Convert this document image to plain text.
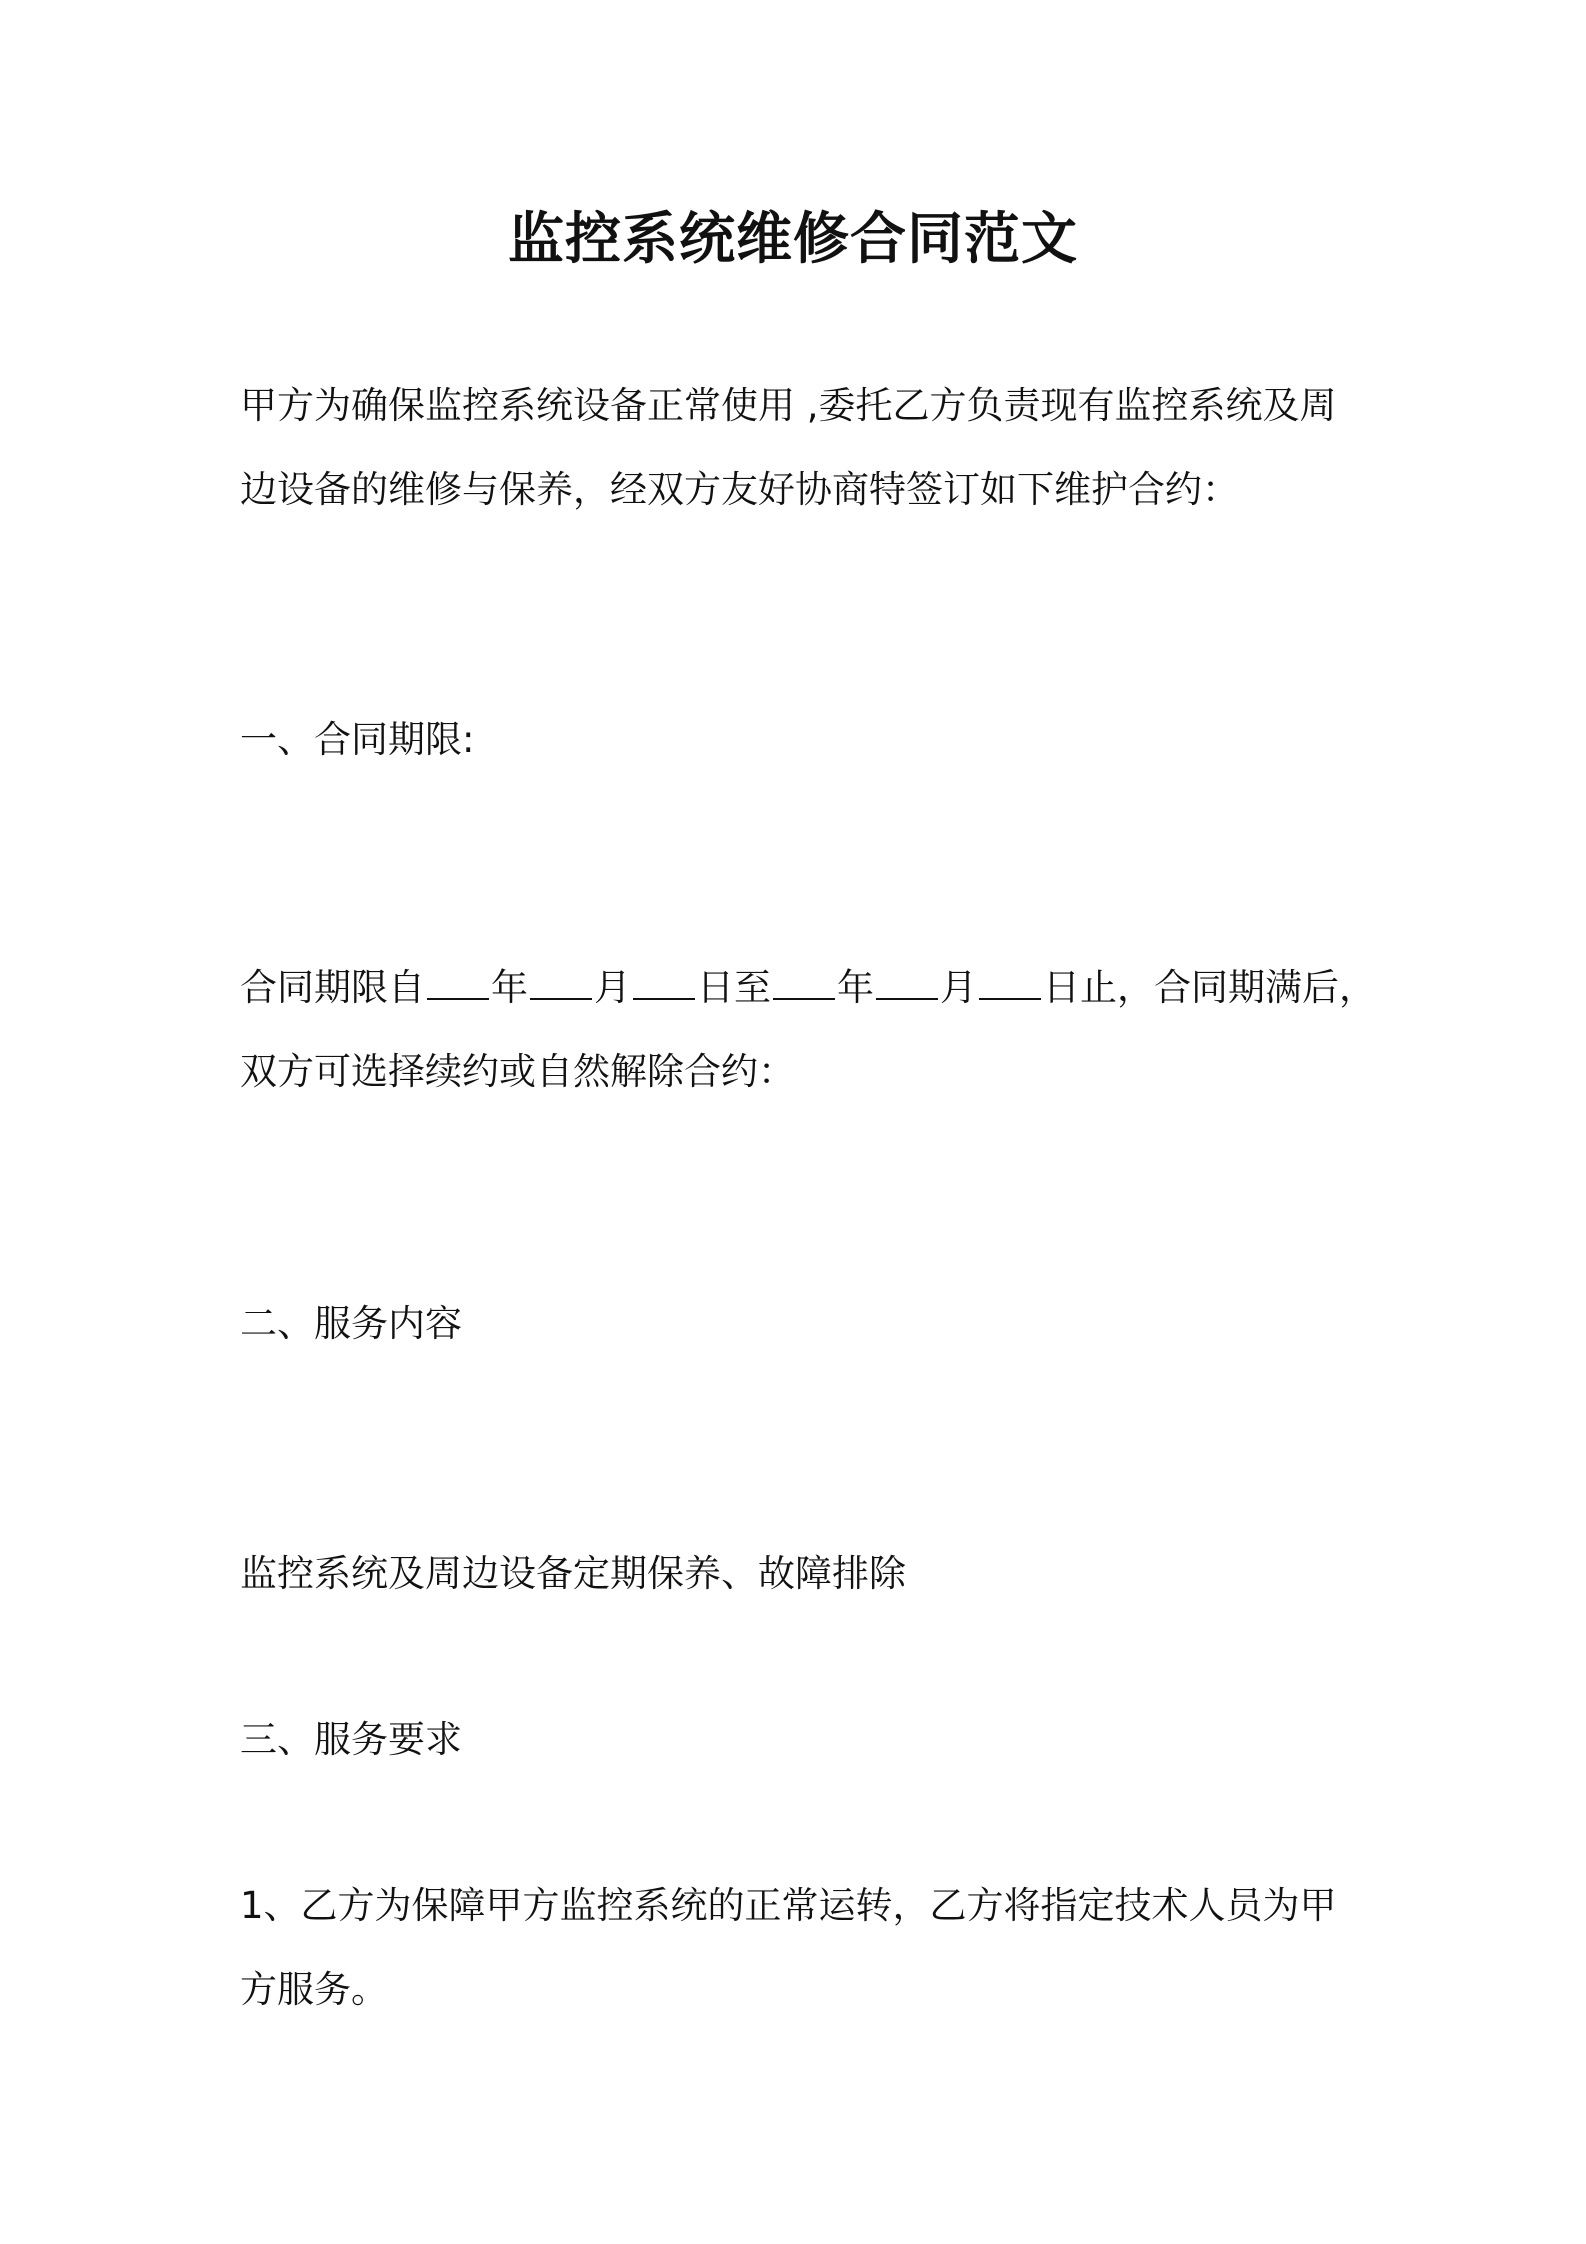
监控系统维修合同范文

甲方为确保监控系统设备正常使用 ,委托乙方负责现有监控系统及周

边设备的维修与保养，经双方友好协商特签订如下维护合约：

一、合同期限:

合同期限自 年 月 日至 年 月 日止，合同期满后，

双方可选择续约或自然解除合约：

二、服务内容

监控系统及周边设备定期保养、故障排除

三、服务要求

1、乙方为保障甲方监控系统的正常运转，乙方将指定技术人员为甲

方服务。
